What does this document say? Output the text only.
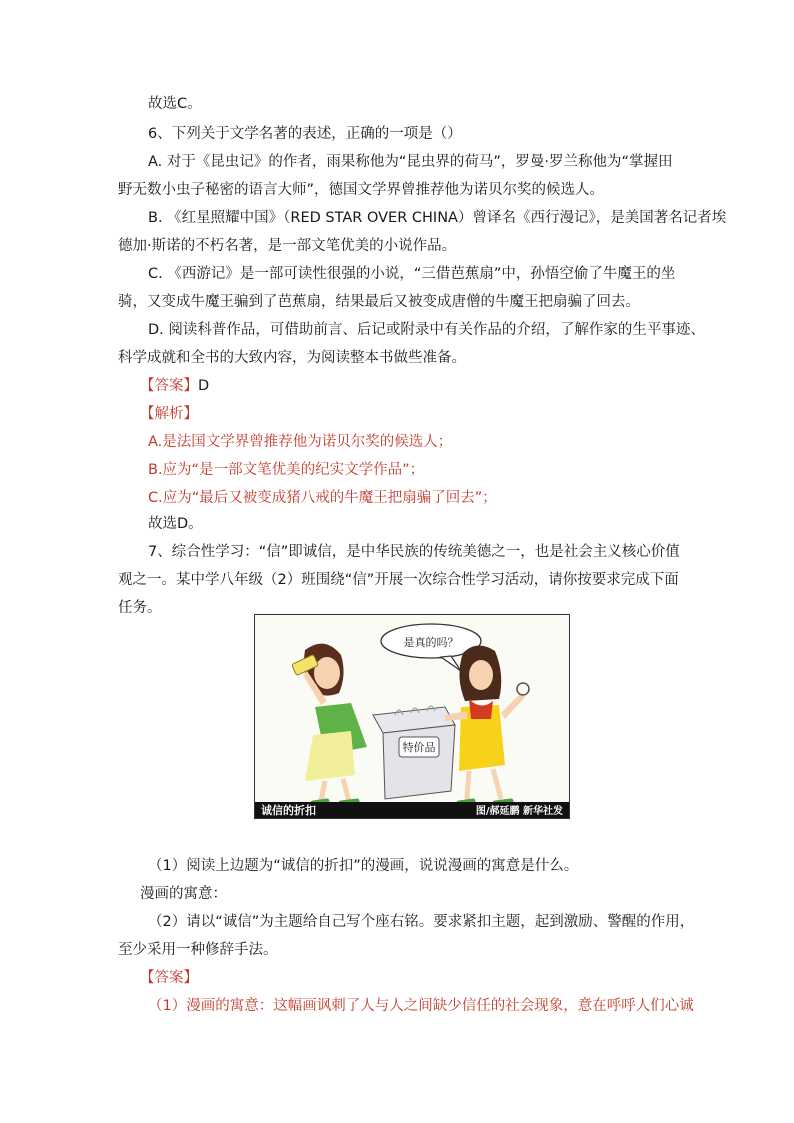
故选C。
6、下列关于文学名著的表述，正确的一项是（）
A. 对于《昆虫记》的作者，雨果称他为“昆虫界的荷马”，罗曼·罗兰称他为“掌握田
野无数小虫子秘密的语言大师”，德国文学界曾推荐他为诺贝尔奖的候选人。
B. 《红星照耀中国》（RED STAR OVER CHINA）曾译名《西行漫记》，是美国著名记者埃
德加·斯诺的不朽名著，是一部文笔优美的小说作品。
C. 《西游记》是一部可读性很强的小说，“三借芭蕉扇”中，孙悟空偷了牛魔王的坐
骑，又变成牛魔王骗到了芭蕉扇，结果最后又被变成唐僧的牛魔王把扇骗了回去。
D. 阅读科普作品，可借助前言、后记或附录中有关作品的介绍，了解作家的生平事迹、
科学成就和全书的大致内容，为阅读整本书做些准备。
【答案】D
【解析】
A.是法国文学界曾推荐他为诺贝尔奖的候选人；
B.应为“是一部文笔优美的纪实文学作品”；
C.应为“最后又被变成猪八戒的牛魔王把扇骗了回去”；
故选D。
7、综合性学习：“信”即诚信，是中华民族的传统美德之一，也是社会主义核心价值
观之一。某中学八年级（2）班围绕“信”开展一次综合性学习活动，请你按要求完成下面
任务。
是真的吗？
特价品
诚信的折扣	图/郝延鹏 新华社发
（1）阅读上边题为“诚信的折扣”的漫画，说说漫画的寓意是什么。
漫画的寓意：
（2）请以“诚信”为主题给自己写个座右铭。要求紧扣主题，起到激励、警醒的作用，
至少采用一种修辞手法。
【答案】
（1）漫画的寓意：这幅画讽刺了人与人之间缺少信任的社会现象，意在呼呼人们心诚
